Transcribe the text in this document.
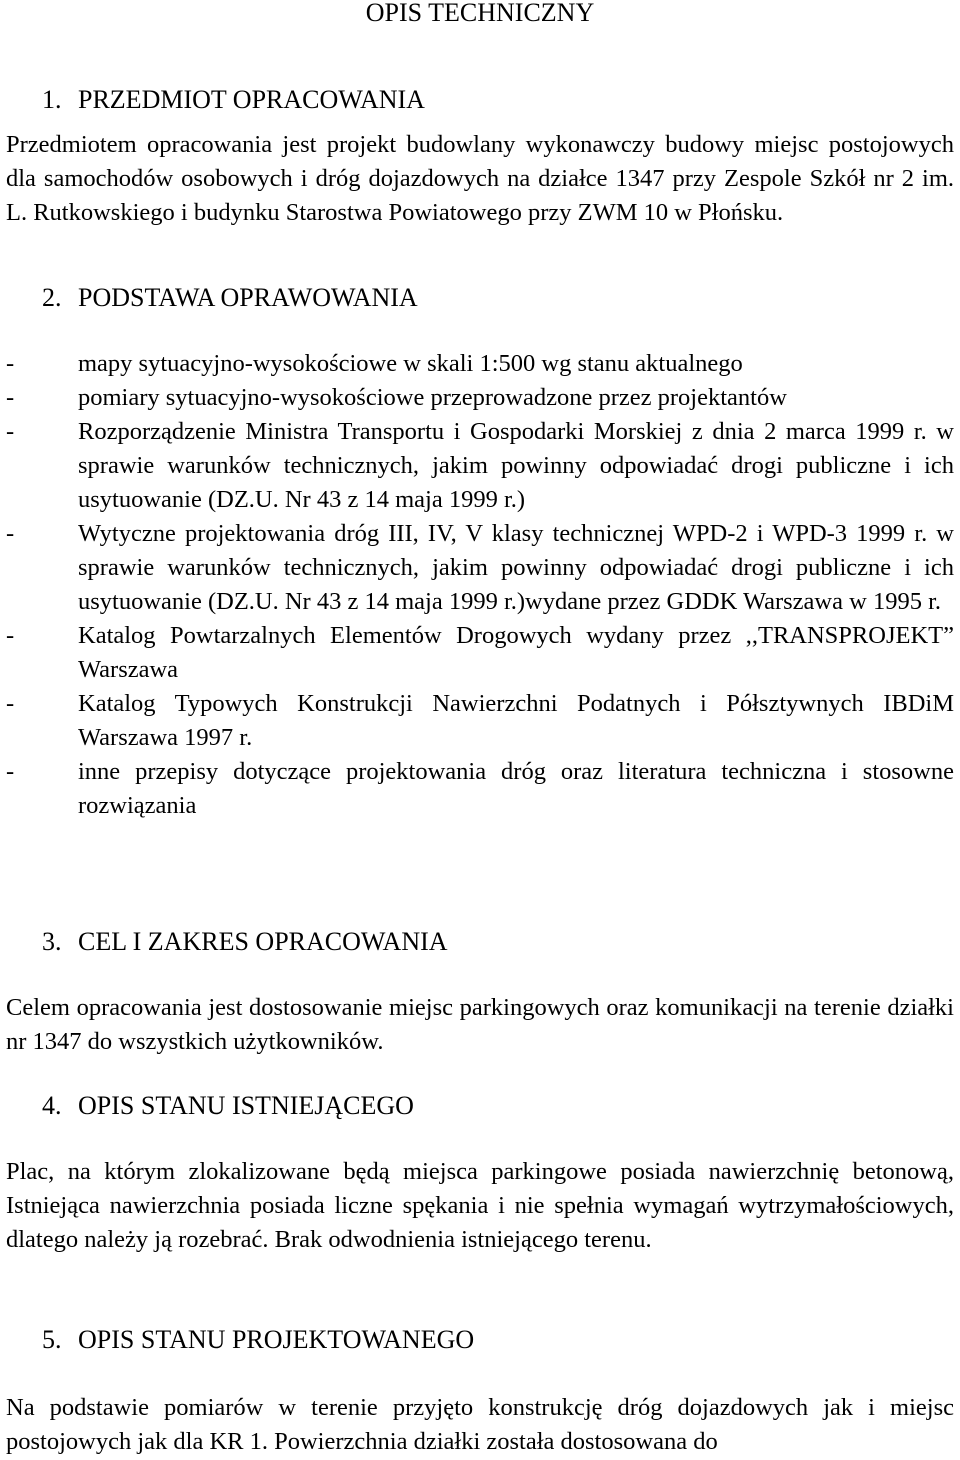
OPIS TECHNICZNY
1. PRZEDMIOT OPRACOWANIA

Przedmiotem opracowania jest projekt budowlany wykonawczy budowy miejsc postojowych dla samochodów osobowych i dróg dojazdowych na działce 1347 przy Zespole Szkół nr 2 im. L. Rutkowskiego i budynku Starostwa Powiatowego przy ZWM 10 w Płońsku.

2. PODSTAWA OPRAWOWANIA
-	mapy sytuacyjno-wysokościowe w skali 1:500 wg stanu aktualnego
-	pomiary sytuacyjno-wysokościowe przeprowadzone przez projektantów
-	Rozporządzenie Ministra Transportu i Gospodarki Morskiej z dnia 2 marca 1999 r. w sprawie warunków technicznych, jakim powinny odpowiadać drogi publiczne i ich usytuowanie (DZ.U. Nr 43 z 14 maja 1999 r.)
-	Wytyczne projektowania dróg III, IV, V klasy technicznej WPD-2 i WPD-3 1999 r. w sprawie warunków technicznych, jakim powinny odpowiadać drogi publiczne i ich usytuowanie (DZ.U. Nr 43 z 14 maja 1999 r.)wydane przez GDDK Warszawa w 1995 r.
-	Katalog Powtarzalnych Elementów Drogowych wydany przez ,,TRANSPROJEKT” Warszawa
-	Katalog Typowych Konstrukcji Nawierzchni Podatnych i Półsztywnych IBDiM Warszawa 1997 r.
-	inne przepisy dotyczące projektowania dróg oraz literatura techniczna i stosowne rozwiązania
3. CEL I ZAKRES OPRACOWANIA

Celem opracowania jest dostosowanie miejsc parkingowych oraz komunikacji na terenie działki nr 1347 do wszystkich użytkowników.

4. OPIS STANU ISTNIEJĄCEGO

Plac, na którym zlokalizowane będą miejsca parkingowe posiada nawierzchnię betonową, Istniejąca nawierzchnia posiada liczne spękania i nie spełnia wymagań wytrzymałościowych, dlatego należy ją rozebrać. Brak odwodnienia istniejącego terenu.

5. OPIS STANU PROJEKTOWANEGO

Na podstawie pomiarów w terenie przyjęto konstrukcję dróg dojazdowych jak i miejsc postojowych jak dla KR 1. Powierzchnia działki została dostosowana do
